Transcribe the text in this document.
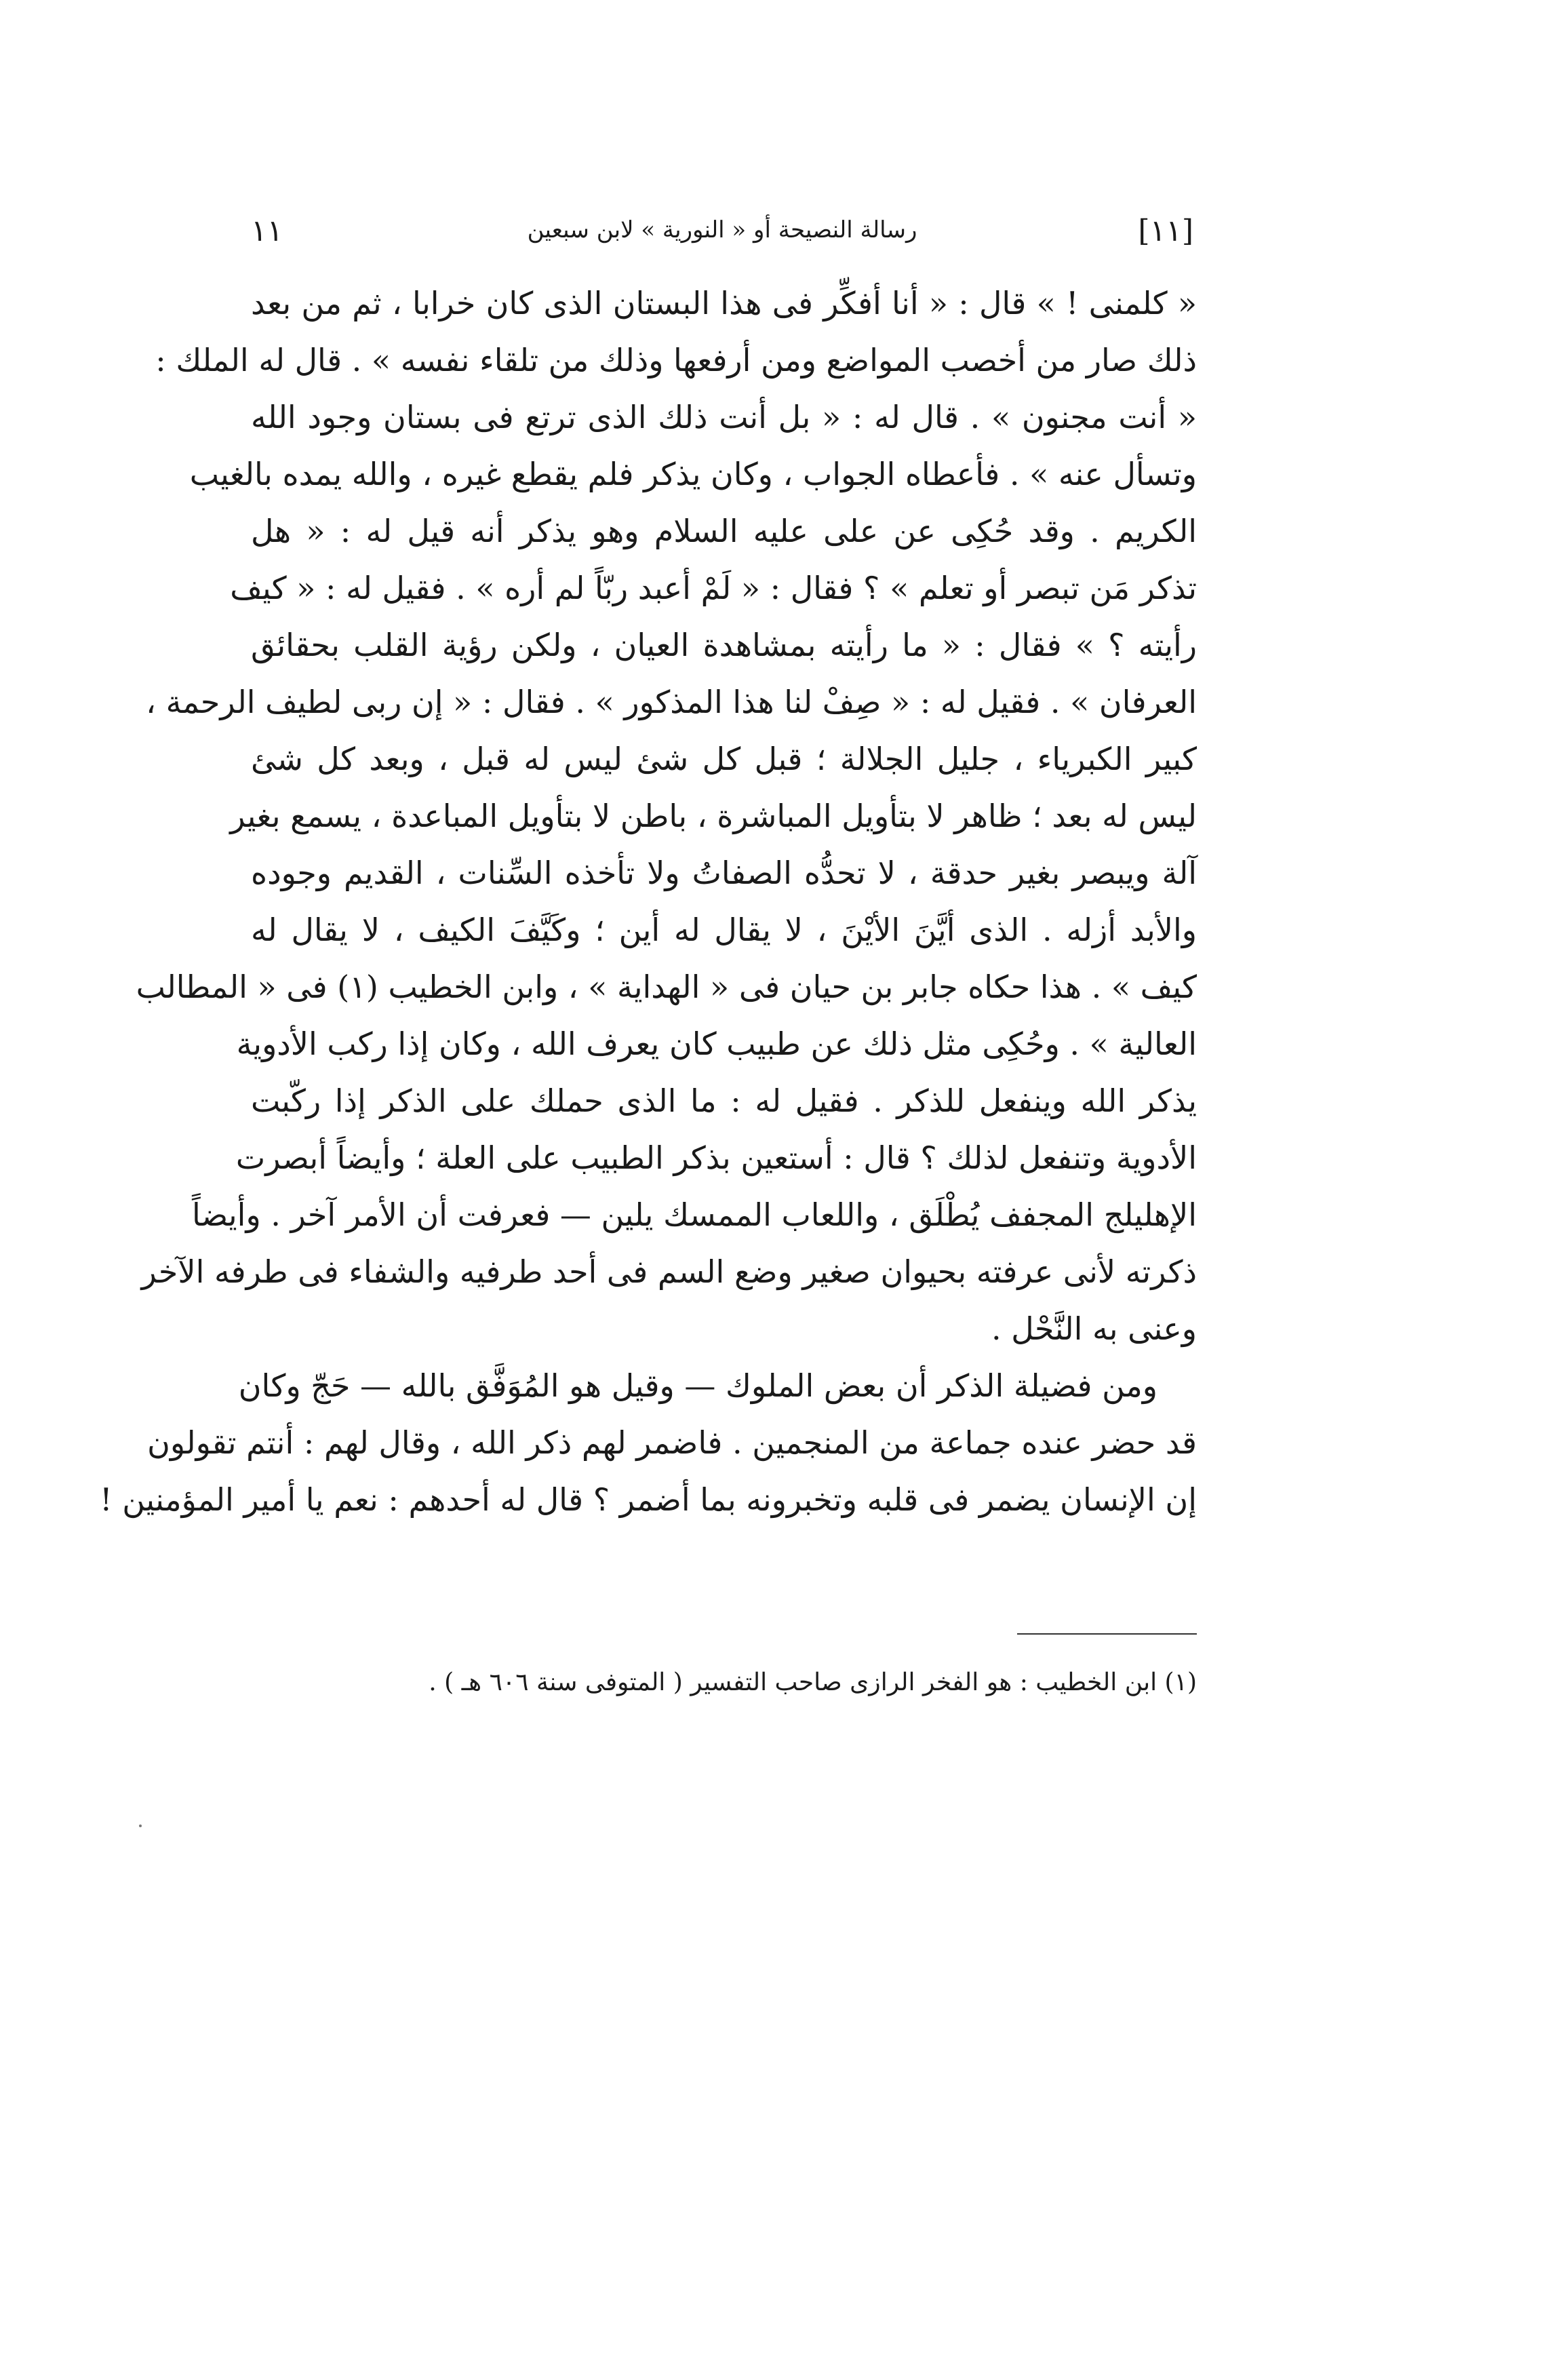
[١١]
رسالة النصيحة أو « النورية » لابن سبعين
١١
« كلمنى ! » قال : « أنا أفكِّر فى هذا البستان الذى كان خرابا ، ثم من بعد
ذلك صار من أخصب المواضع ومن أرفعها وذلك من تلقاء نفسه » . قال له الملك :
« أنت مجنون » . قال له : « بل أنت ذلك الذى ترتع فى بستان وجود الله
وتسأل عنه » . فأعطاه الجواب ، وكان يذكر فلم يقطع غيره ، والله يمده بالغيب
الكريم . وقد حُكِى عن على عليه السلام وهو يذكر أنه قيل له : « هل
تذكر مَن تبصر أو تعلم » ؟ فقال : « لَمْ أعبد ربّاً لم أره » . فقيل له : « كيف
رأيته ؟ » فقال : « ما رأيته بمشاهدة العيان ، ولكن رؤية القلب بحقائق
العرفان » . فقيل له : « صِفْ لنا هذا المذكور » . فقال : « إن ربى لطيف الرحمة ،
كبير الكبرياء ، جليل الجلالة ؛ قبل كل شئ ليس له قبل ، وبعد كل شئ
ليس له بعد ؛ ظاهر لا بتأويل المباشرة ، باطن لا بتأويل المباعدة ، يسمع بغير
آلة ويبصر بغير حدقة ، لا تحدُّه الصفاتُ ولا تأخذه السِّنات ، القديم وجوده
والأبد أزله . الذى أيَّنَ الأيْنَ ، لا يقال له أين ؛ وكَيَّفَ الكيف ، لا يقال له
كيف » . هذا حكاه جابر بن حيان فى « الهداية » ، وابن الخطيب (١) فى « المطالب
العالية » . وحُكِى مثل ذلك عن طبيب كان يعرف الله ، وكان إذا ركب الأدوية
يذكر الله وينفعل للذكر . فقيل له : ما الذى حملك على الذكر إذا ركّبت
الأدوية وتنفعل لذلك ؟ قال : أستعين بذكر الطبيب على العلة ؛ وأيضاً أبصرت
الإهليلج المجفف يُطْلَق ، واللعاب الممسك يلين — فعرفت أن الأمر آخر . وأيضاً
ذكرته لأنى عرفته بحيوان صغير وضع السم فى أحد طرفيه والشفاء فى طرفه الآخر
وعنى به النَّحْل .
ومن فضيلة الذكر أن بعض الملوك — وقيل هو المُوَفَّق بالله — حَجّ وكان
قد حضر عنده جماعة من المنجمين . فاضمر لهم ذكر الله ، وقال لهم : أنتم تقولون
إن الإنسان يضمر فى قلبه وتخبرونه بما أضمر ؟ قال له أحدهم : نعم يا أمير المؤمنين !
(١) ابن الخطيب : هو الفخر الرازى صاحب التفسير ( المتوفى سنة ٦٠٦ هـ ) .
